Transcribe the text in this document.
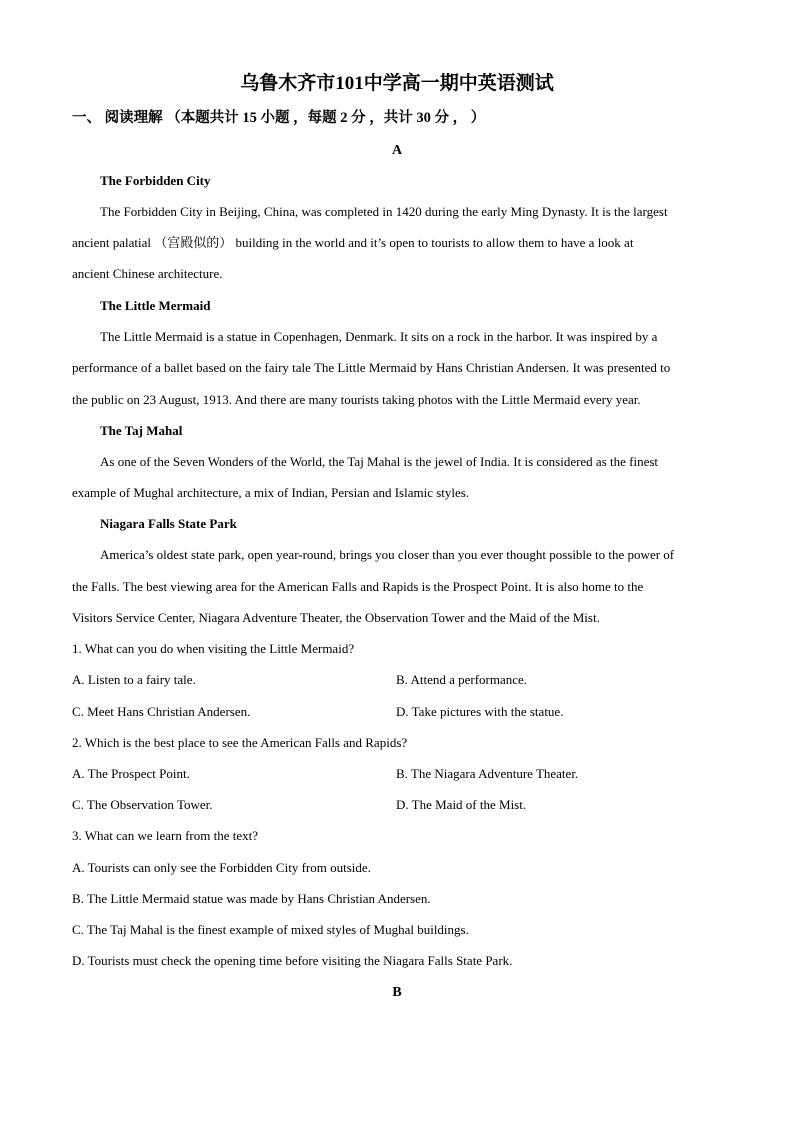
乌鲁木齐市101中学高一期中英语测试
一、 阅读理解 （本题共计 15 小题 ，每题 2 分 ，共计 30 分 ， ）
A
The Forbidden City
The Forbidden City in Beijing, China, was completed in 1420 during the early Ming Dynasty. It is the largest
ancient palatial （宫殿似的） building in the world and it’s open to tourists to allow them to have a look at
ancient Chinese architecture.
The Little Mermaid
The Little Mermaid is a statue in Copenhagen, Denmark. It sits on a rock in the harbor. It was inspired by a
performance of a ballet based on the fairy tale The Little Mermaid by Hans Christian Andersen. It was presented to
the public on 23 August, 1913. And there are many tourists taking photos with the Little Mermaid every year.
The Taj Mahal
As one of the Seven Wonders of the World, the Taj Mahal is the jewel of India. It is considered as the finest
example of Mughal architecture, a mix of Indian, Persian and Islamic styles.
Niagara Falls State Park
America’s oldest state park, open year-round, brings you closer than you ever thought possible to the power of
the Falls. The best viewing area for the American Falls and Rapids is the Prospect Point. It is also home to the
Visitors Service Center, Niagara Adventure Theater, the Observation Tower and the Maid of the Mist.
1. What can you do when visiting the Little Mermaid?
A. Listen to a fairy tale.	B. Attend a performance.
C. Meet Hans Christian Andersen.	D. Take pictures with the statue.
2. Which is the best place to see the American Falls and Rapids?
A. The Prospect Point.	B. The Niagara Adventure Theater.
C. The Observation Tower.	D. The Maid of the Mist.
3. What can we learn from the text?
A. Tourists can only see the Forbidden City from outside.
B. The Little Mermaid statue was made by Hans Christian Andersen.
C. The Taj Mahal is the finest example of mixed styles of Mughal buildings.
D. Tourists must check the opening time before visiting the Niagara Falls State Park.
B
